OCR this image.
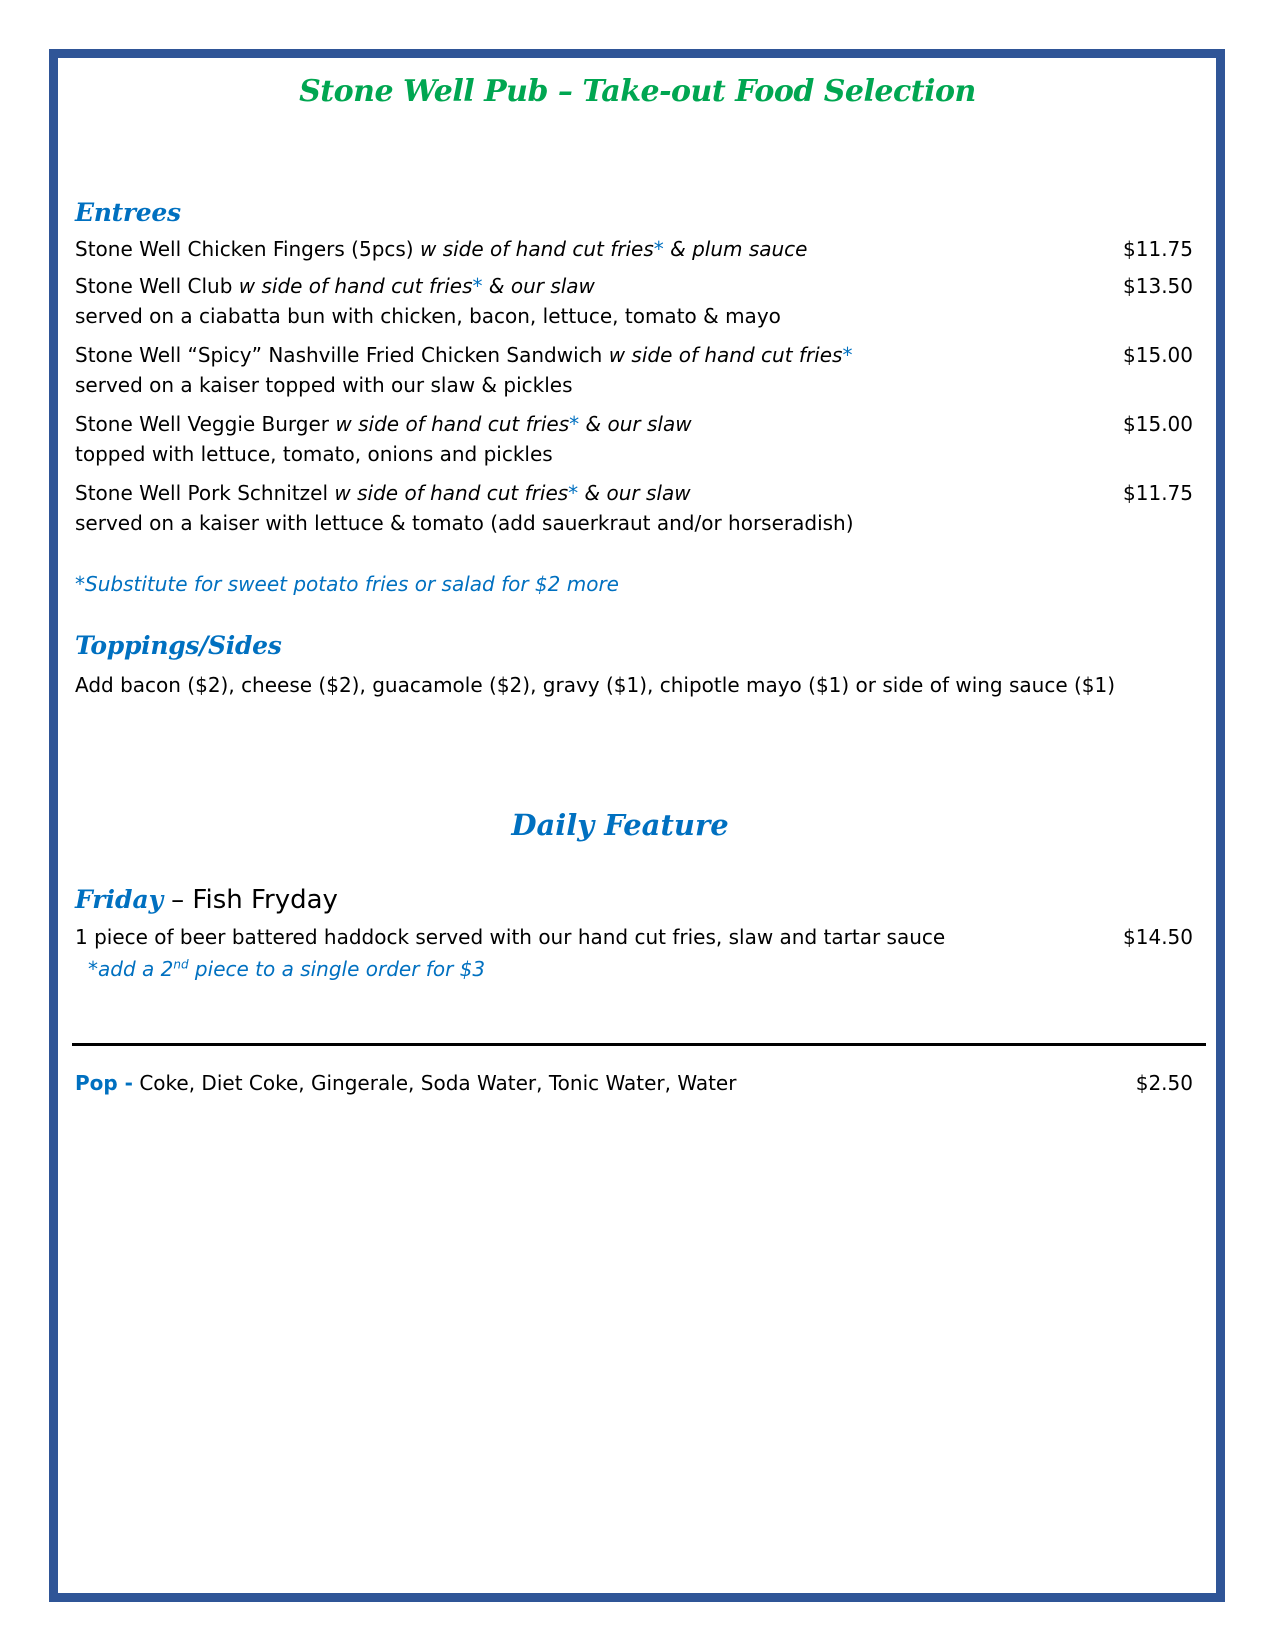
Stone Well Pub – Take-out Food Selection
Entrees
Stone Well Chicken Fingers (5pcs) w side of hand cut fries* & plum sauce	$11.75
Stone Well Club w side of hand cut fries* & our slaw	$13.50
served on a ciabatta bun with chicken, bacon, lettuce, tomato & mayo
Stone Well “Spicy” Nashville Fried Chicken Sandwich w side of hand cut fries*	$15.00
served on a kaiser topped with our slaw & pickles
Stone Well Veggie Burger w side of hand cut fries* & our slaw	$15.00
topped with lettuce, tomato, onions and pickles
Stone Well Pork Schnitzel w side of hand cut fries* & our slaw	$11.75
served on a kaiser with lettuce & tomato (add sauerkraut and/or horseradish)
*Substitute for sweet potato fries or salad for $2 more
Toppings/Sides
Add bacon ($2), cheese ($2), guacamole ($2), gravy ($1), chipotle mayo ($1) or side of wing sauce ($1)
Daily Feature
Friday – Fish Fryday
1 piece of beer battered haddock served with our hand cut fries, slaw and tartar sauce	$14.50
*add a 2nd piece to a single order for $3
Pop - Coke, Diet Coke, Gingerale, Soda Water, Tonic Water, Water	$2.50
